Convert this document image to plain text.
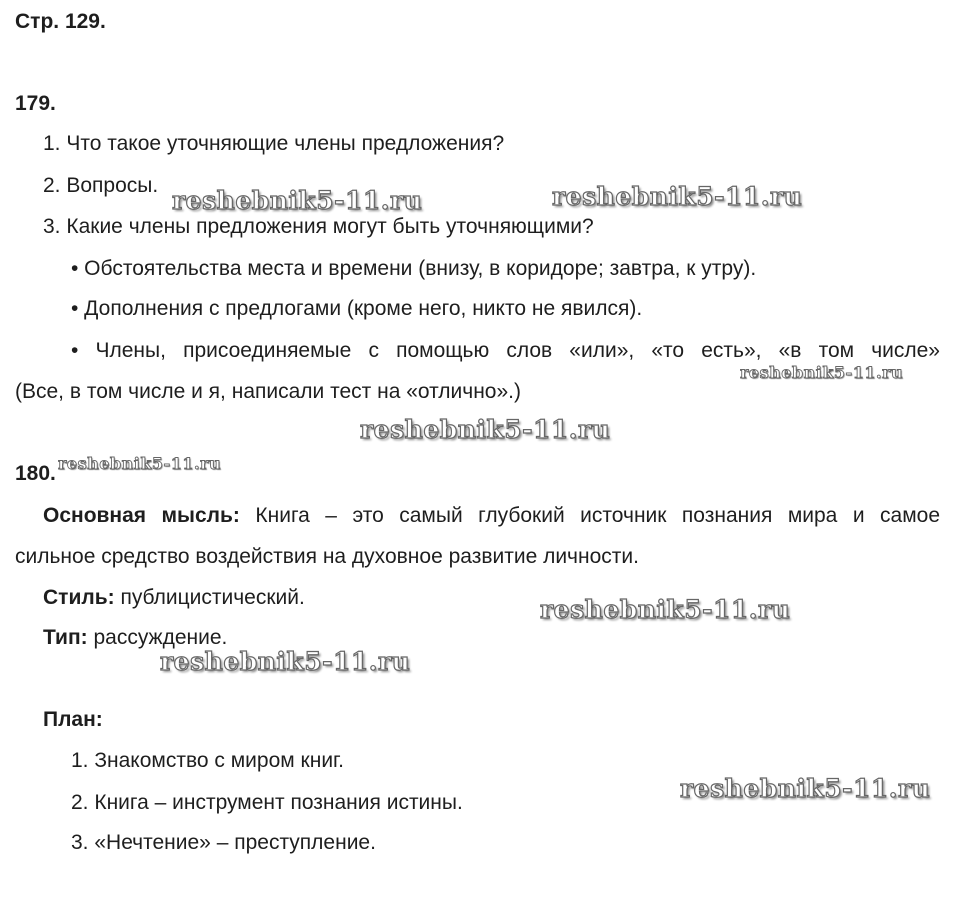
Стр. 129.
179.
1. Что такое уточняющие члены предложения?
2. Вопросы.
3. Какие члены предложения могут быть уточняющими?
• Обстоятельства места и времени (внизу, в коридоре; завтра, к утру).
• Дополнения с предлогами (кроме него, никто не явился).
• Члены, присоединяемые с помощью слов «или», «то есть», «в том числе»
(Все, в том числе и я, написали тест на «отлично».)
180.
Основная мысль: Книга – это самый глубокий источник познания мира и самое
сильное средство воздействия на духовное развитие личности.
Стиль: публицистический.
Тип: рассуждение.
План:
1. Знакомство с миром книг.
2. Книга – инструмент познания истины.
3. «Нечтение» – преступление.
reshebnik5-11.ru	reshebnik5-11.ru
reshebnik5-11.ru
reshebnik5-11.ru
reshebnik5-11.ru
reshebnik5-11.ru
reshebnik5-11.ru
reshebnik5-11.ru
